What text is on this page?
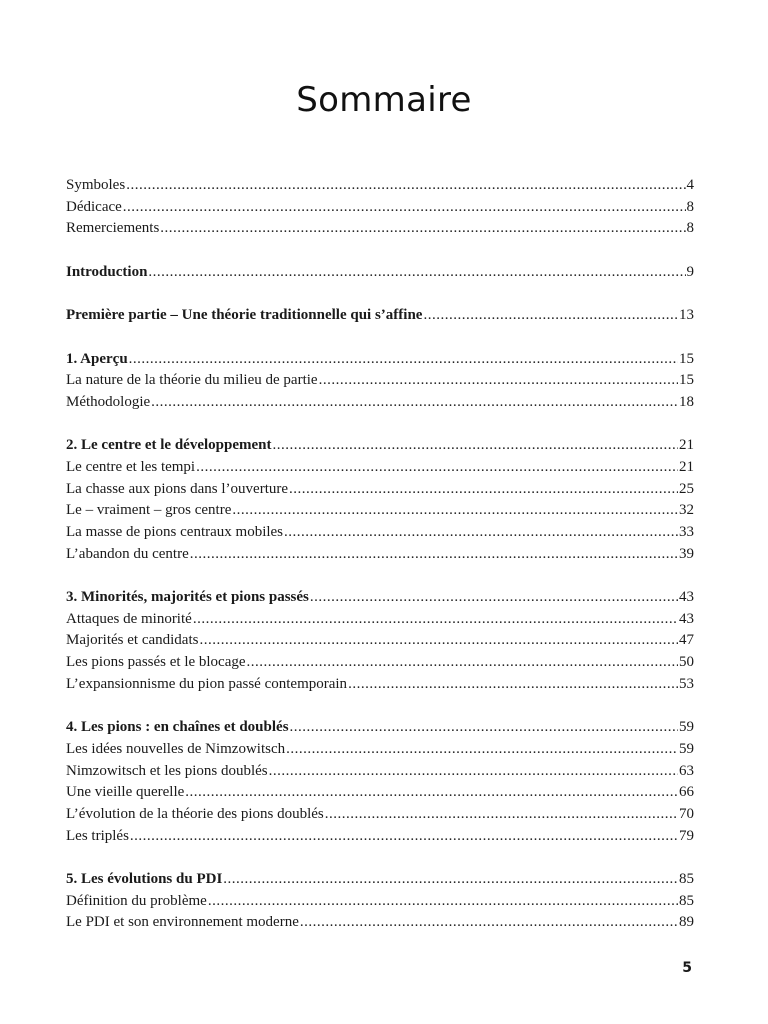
Sommaire
Symboles .....	4
Dédicace .....	8
Remerciements .....	8
Introduction .....	9
Première partie – Une théorie traditionnelle qui s’affine .....	13
1. Aperçu .....	15
La nature de la théorie du milieu de partie .....	15
Méthodologie .....	18
2. Le centre et le développement .....	21
Le centre et les tempi .....	21
La chasse aux pions dans l’ouverture .....	25
Le – vraiment – gros centre .....	32
La masse de pions centraux mobiles .....	33
L’abandon du centre .....	39
3. Minorités, majorités et pions passés .....	43
Attaques de minorité .....	43
Majorités et candidats .....	47
Les pions passés et le blocage .....	50
L’expansionnisme du pion passé contemporain .....	53
4. Les pions : en chaînes et doublés .....	59
Les idées nouvelles de Nimzowitsch .....	59
Nimzowitsch et les pions doublés .....	63
Une vieille querelle .....	66
L’évolution de la théorie des pions doublés .....	70
Les triplés .....	79
5. Les évolutions du PDI .....	85
Définition du problème .....	85
Le PDI et son environnement moderne .....	89
5
